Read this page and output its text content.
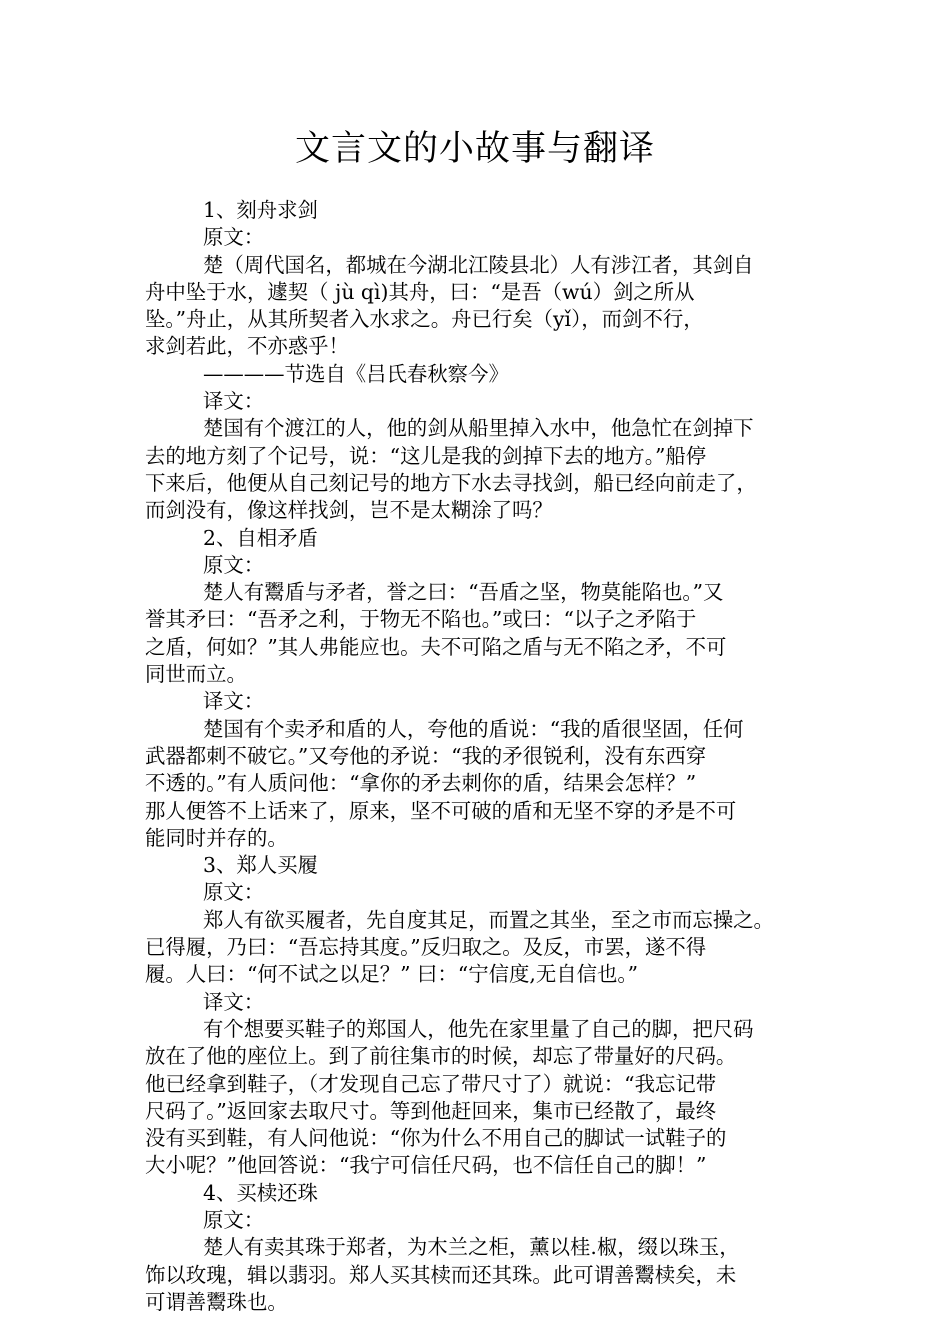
文言文的小故事与翻译

1、刻舟求剑

原文：

楚（周代国名，都城在今湖北江陵县北）人有涉江者，其剑自

舟中坠于水，遽契（ jù qì)其舟，曰：“是吾（wú）剑之所从

坠。”舟止，从其所契者入水求之。舟已行矣（yǐ），而剑不行，

求剑若此，不亦惑乎！

————节选自《吕氏春秋察今》

译文：

楚国有个渡江的人，他的剑从船里掉入水中，他急忙在剑掉下

去的地方刻了个记号，说：“这儿是我的剑掉下去的地方。”船停

下来后，他便从自己刻记号的地方下水去寻找剑，船已经向前走了，

而剑没有，像这样找剑，岂不是太糊涂了吗？

2、自相矛盾

原文：

楚人有鬻盾与矛者，誉之曰：“吾盾之坚，物莫能陷也。”又

誉其矛曰：“吾矛之利，于物无不陷也。”或曰：“以子之矛陷于

之盾，何如？”其人弗能应也。夫不可陷之盾与无不陷之矛，不可

同世而立。

译文：

楚国有个卖矛和盾的人，夸他的盾说：“我的盾很坚固，任何

武器都刺不破它。”又夸他的矛说：“我的矛很锐利，没有东西穿

不透的。”有人质问他：“拿你的矛去刺你的盾，结果会怎样？”

那人便答不上话来了，原来，坚不可破的盾和无坚不穿的矛是不可

能同时并存的。

3、郑人买履

原文：

郑人有欲买履者，先自度其足，而置之其坐，至之市而忘操之。

已得履，乃曰：“吾忘持其度。”反归取之。及反，市罢，遂不得

履。人曰：“何不试之以足？” 曰：“宁信度,无自信也。”

译文：

有个想要买鞋子的郑国人，他先在家里量了自己的脚，把尺码

放在了他的座位上。到了前往集市的时候，却忘了带量好的尺码。

他已经拿到鞋子，（才发现自己忘了带尺寸了）就说：“我忘记带

尺码了。”返回家去取尺寸。等到他赶回来，集市已经散了，最终

没有买到鞋，有人问他说：“你为什么不用自己的脚试一试鞋子的

大小呢？”他回答说：“我宁可信任尺码，也不信任自己的脚！”

4、买椟还珠

原文：

楚人有卖其珠于郑者，为木兰之柜，薰以桂.椒，缀以珠玉，

饰以玫瑰，辑以翡羽。郑人买其椟而还其珠。此可谓善鬻椟矣，未

可谓善鬻珠也。
